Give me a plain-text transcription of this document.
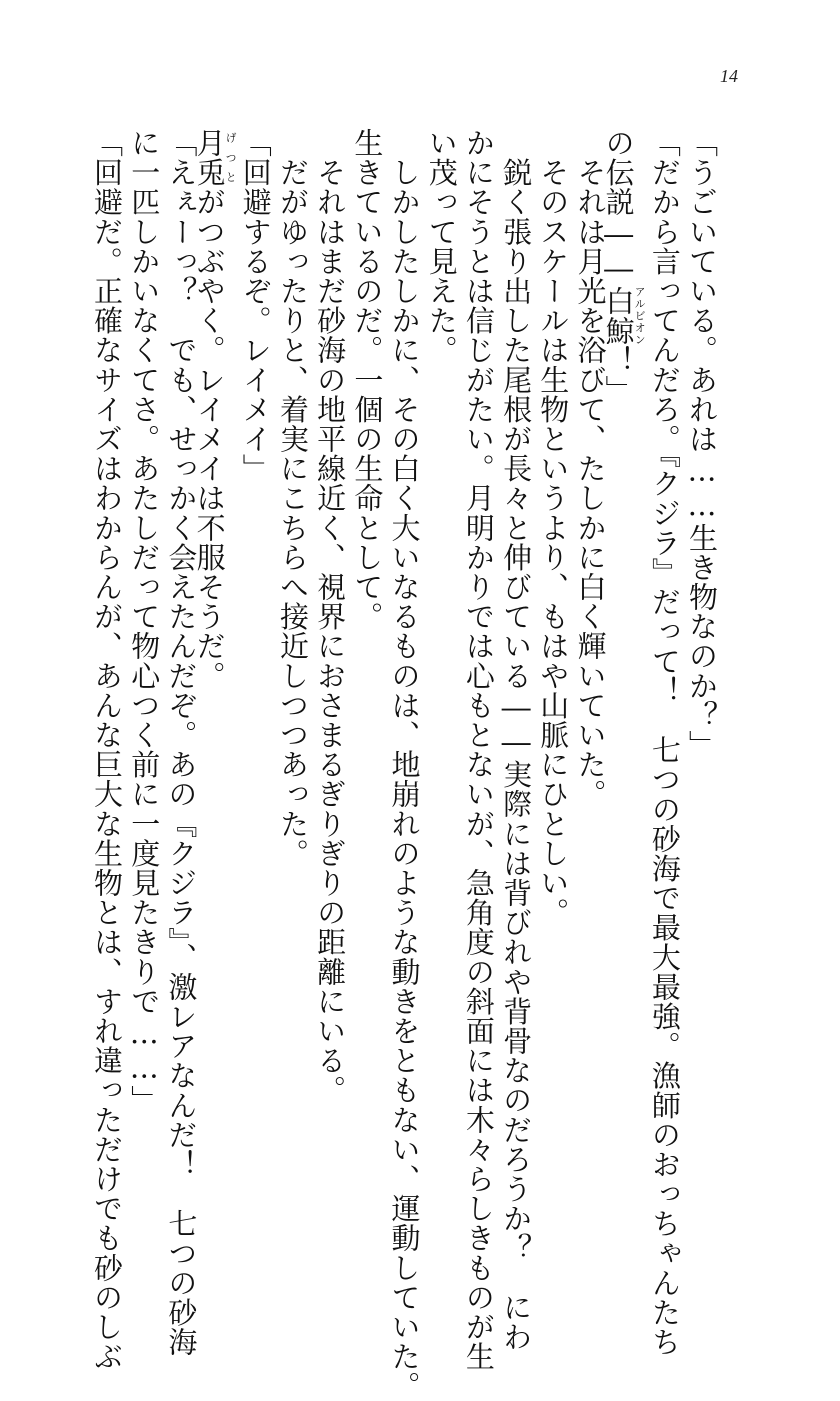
14
「うごいている。あれは……生き物なのか？」
「だから言ってんだろ。『クジラ』だって！　七つの砂海で最大最強。漁師のおっちゃんたち
の伝説――白鯨アルビオン！」
　それは月光を浴びて、たしかに白く輝いていた。
　そのスケールは生物というより、もはや山脈にひとしい。
　鋭く張り出した尾根が長々と伸びている――実際には背びれや背骨なのだろうか？　にわ
かにそうとは信じがたい。月明かりでは心もとないが、急角度の斜面には木々らしきものが生
い茂って見えた。
　しかしたしかに、その白く大いなるものは、地崩れのような動きをともない、運動していた。
生きているのだ。一個の生命として。
　それはまだ砂海の地平線近く、視界におさまるぎりぎりの距離にいる。
　だがゆったりと、着実にこちらへ接近しつつあった。
「回避するぞ。レイメイ」
月兎げつとがつぶやく。レイメイは不服そうだ。
「えぇーっ？　でも、せっかく会えたんだぞ。あの『クジラ』、激レアなんだ！　七つの砂海
に一匹しかいなくてさ。あたしだって物心つく前に一度見たきりで……」
「回避だ。正確なサイズはわからんが、あんな巨大な生物とは、すれ違っただけでも砂のしぶ
